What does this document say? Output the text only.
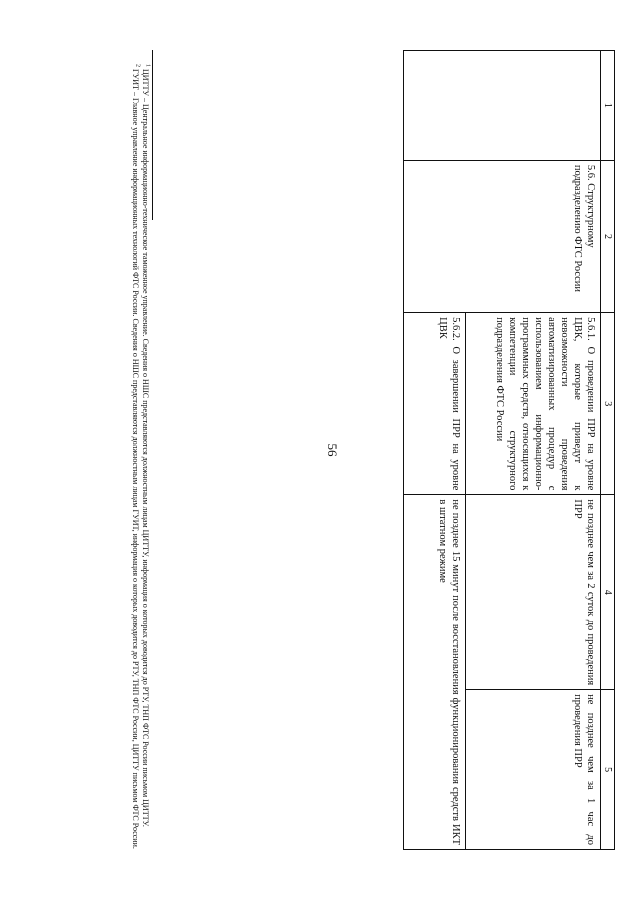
56
1	2	3	4	5
	5.6. Структурному подразделению ФТС России	5.6.1. О проведении ПРР на уровне ЦВК, которые приведут к невозможности проведения автоматизированных процедур с использованием информационно-программных средств, относящихся к компетенции структурного подразделения ФТС России	не позднее чем за 2 суток до проведения ПРР	не позднее чем за 1 час до проведения ПРР
		5.6.2. О завершении ПРР на уровне ЦВК	не позднее 15 минут после восстановления функционирования средств ИКТ в штатном режиме	

$^1$ ЦИТТУ – Центральное информационно-техническое таможенное управление. Сведения о НШС представляются должностным лицам ЦИТТУ, информация о которых доводится до РТУ, ТНП ФТС России письмом ЦИТТУ.

$^2$ ГУИТ – Главное управление информационных технологий ФТС России. Сведения о НШС представляются должностным лицам ГУИТ, информация о которых доводится до РТУ, ТНП ФТС России, ЦИТТУ письмом ФТС России.
